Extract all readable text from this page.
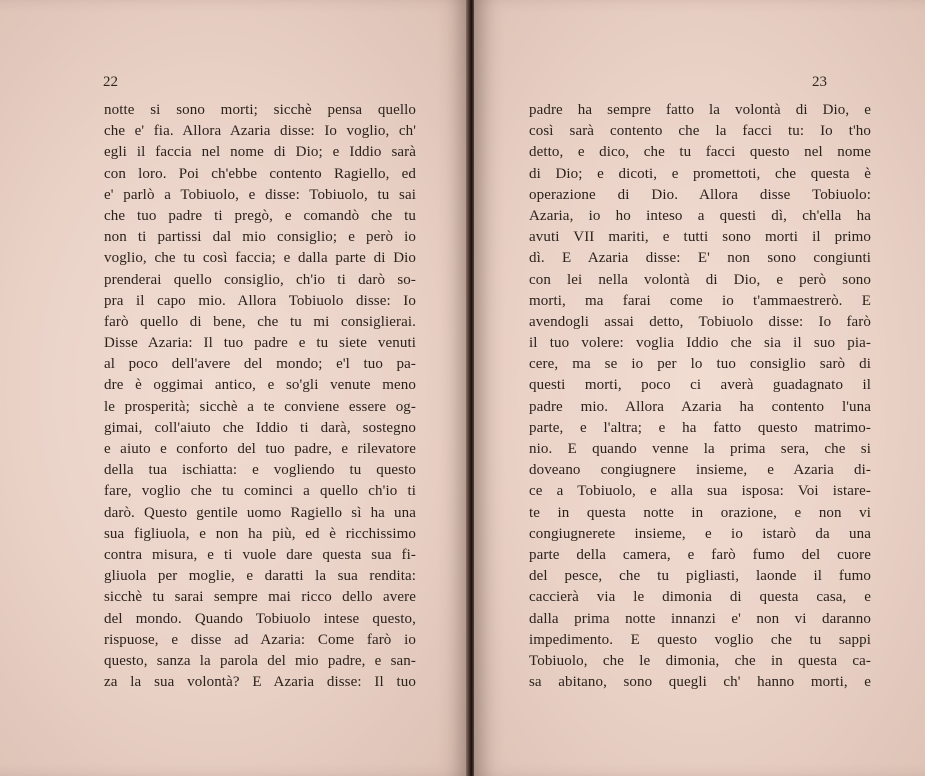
22
notte si sono morti; sicchè pensa quello
che e' fia. Allora Azaria disse: Io voglio, ch'
egli il faccia nel nome di Dio; e Iddio sarà
con loro. Poi ch'ebbe contento Ragiello, ed
e' parlò a Tobiuolo, e disse: Tobiuolo, tu sai
che tuo padre ti pregò, e comandò che tu
non ti partissi dal mio consiglio; e però io
voglio, che tu così faccia; e dalla parte di Dio
prenderai quello consiglio, ch'io ti darò so-
pra il capo mio. Allora Tobiuolo disse: Io
farò quello di bene, che tu mi consiglierai.
Disse Azaria: Il tuo padre e tu siete venuti
al poco dell'avere del mondo; e'l tuo pa-
dre è oggimai antico, e so'gli venute meno
le prosperità; sicchè a te conviene essere og-
gimai, coll'aiuto che Iddio ti darà, sostegno
e aiuto e conforto del tuo padre, e rilevatore
della tua ischiatta: e vogliendo tu questo
fare, voglio che tu cominci a quello ch'io ti
darò. Questo gentile uomo Ragiello sì ha una
sua figliuola, e non ha più, ed è ricchissimo
contra misura, e ti vuole dare questa sua fi-
gliuola per moglie, e daratti la sua rendita:
sicchè tu sarai sempre mai ricco dello avere
del mondo. Quando Tobiuolo intese questo,
rispuose, e disse ad Azaria: Come farò io
questo, sanza la parola del mio padre, e san-
za la sua volontà? E Azaria disse: Il tuo
23
padre ha sempre fatto la volontà di Dio, e
così sarà contento che la facci tu: Io t'ho
detto, e dico, che tu facci questo nel nome
di Dio; e dicoti, e promettoti, che questa è
operazione di Dio. Allora disse Tobiuolo:
Azaria, io ho inteso a questi dì, ch'ella ha
avuti VII mariti, e tutti sono morti il primo
dì. E Azaria disse: E' non sono congiunti
con lei nella volontà di Dio, e però sono
morti, ma farai come io t'ammaestrerò. E
avendogli assai detto, Tobiuolo disse: Io farò
il tuo volere: voglia Iddio che sia il suo pia-
cere, ma se io per lo tuo consiglio sarò di
questi morti, poco ci averà guadagnato il
padre mio. Allora Azaria ha contento l'una
parte, e l'altra; e ha fatto questo matrimo-
nio. E quando venne la prima sera, che si
doveano congiugnere insieme, e Azaria di-
ce a Tobiuolo, e alla sua isposa: Voi istare-
te in questa notte in orazione, e non vi
congiugnerete insieme, e io istarò da una
parte della camera, e farò fumo del cuore
del pesce, che tu pigliasti, laonde il fumo
caccierà via le dimonia di questa casa, e
dalla prima notte innanzi e' non vi daranno
impedimento. E questo voglio che tu sappi
Tobiuolo, che le dimonia, che in questa ca-
sa abitano, sono quegli ch' hanno morti, e
